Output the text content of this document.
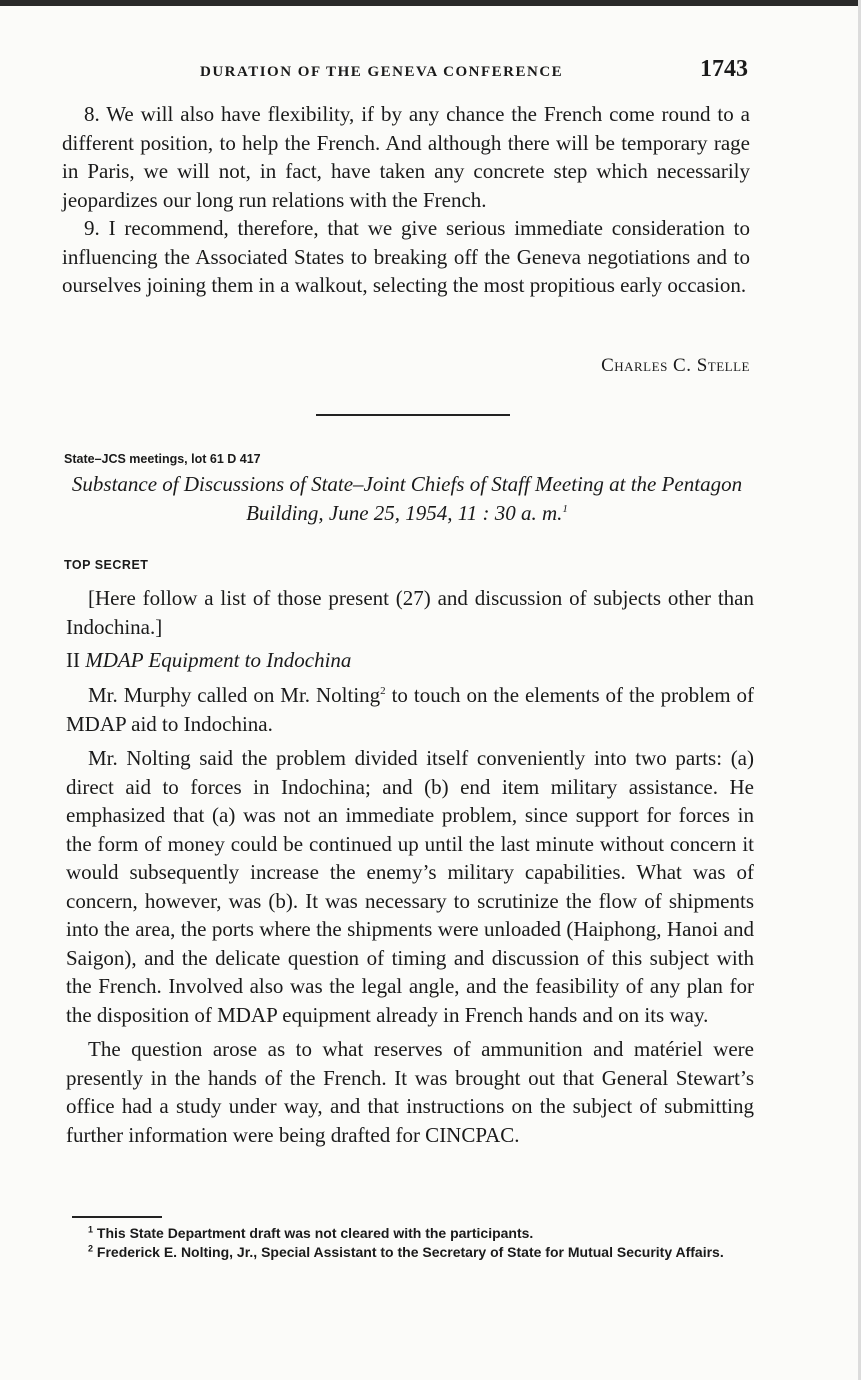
DURATION OF THE GENEVA CONFERENCE	1743

8. We will also have flexibility, if by any chance the French come round to a different position, to help the French. And although there will be temporary rage in Paris, we will not, in fact, have taken any concrete step which necessarily jeopardizes our long run relations with the French.

9. I recommend, therefore, that we give serious immediate consideration to influencing the Associated States to breaking off the Geneva negotiations and to ourselves joining them in a walkout, selecting the most propitious early occasion.

Charles C. Stelle
State–JCS meetings, lot 61 D 417
Substance of Discussions of State–Joint Chiefs of Staff Meeting at the Pentagon Building, June 25, 1954, 11 : 30 a. m.$^1$
TOP SECRET

[Here follow a list of those present (27) and discussion of subjects other than Indochina.]

II MDAP Equipment to Indochina

Mr. Murphy called on Mr. Nolting$^2$ to touch on the elements of the problem of MDAP aid to Indochina.

Mr. Nolting said the problem divided itself conveniently into two parts: (a) direct aid to forces in Indochina; and (b) end item military assistance. He emphasized that (a) was not an immediate problem, since support for forces in the form of money could be continued up until the last minute without concern it would subsequently increase the enemy’s military capabilities. What was of concern, however, was (b). It was necessary to scrutinize the flow of shipments into the area, the ports where the shipments were unloaded (Haiphong, Hanoi and Saigon), and the delicate question of timing and discussion of this subject with the French. Involved also was the legal angle, and the feasibility of any plan for the disposition of MDAP equipment already in French hands and on its way.

The question arose as to what reserves of ammunition and matériel were presently in the hands of the French. It was brought out that General Stewart’s office had a study under way, and that instructions on the subject of submitting further information were being drafted for CINCPAC.

$^1$ This State Department draft was not cleared with the participants.

$^2$ Frederick E. Nolting, Jr., Special Assistant to the Secretary of State for Mutual Security Affairs.
